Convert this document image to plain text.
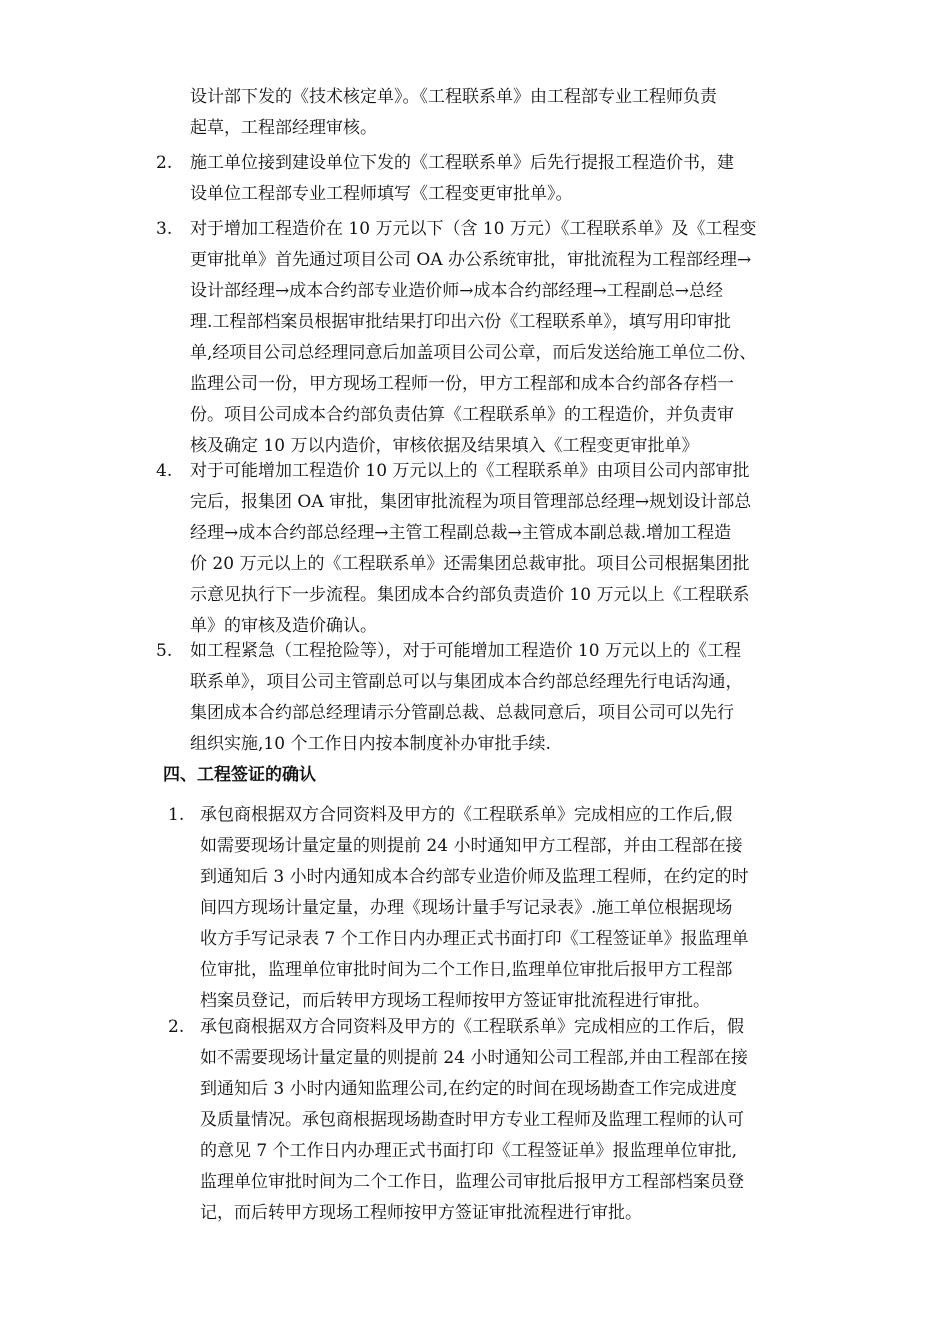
设计部下发的《技术核定单》。《工程联系单》由工程部专业工程师负责
起草，工程部经理审核。
2. 施工单位接到建设单位下发的《工程联系单》后先行提报工程造价书，建
设单位工程部专业工程师填写《工程变更审批单》。
3. 对于增加工程造价在 10 万元以下（含 10 万元）《工程联系单》及《工程变
更审批单》首先通过项目公司 OA 办公系统审批，审批流程为工程部经理→
设计部经理→成本合约部专业造价师→成本合约部经理→工程副总→总经
理.工程部档案员根据审批结果打印出六份《工程联系单》，填写用印审批
单,经项目公司总经理同意后加盖项目公司公章，而后发送给施工单位二份、
监理公司一份，甲方现场工程师一份，甲方工程部和成本合约部各存档一
份。项目公司成本合约部负责估算《工程联系单》的工程造价，并负责审
核及确定 10 万以内造价，审核依据及结果填入《工程变更审批单》
4. 对于可能增加工程造价 10 万元以上的《工程联系单》由项目公司内部审批
完后，报集团 OA 审批，集团审批流程为项目管理部总经理→规划设计部总
经理→成本合约部总经理→主管工程副总裁→主管成本副总裁.增加工程造
价 20 万元以上的《工程联系单》还需集团总裁审批。项目公司根据集团批
示意见执行下一步流程。集团成本合约部负责造价 10 万元以上《工程联系
单》的审核及造价确认。
5. 如工程紧急（工程抢险等），对于可能增加工程造价 10 万元以上的《工程
联系单》，项目公司主管副总可以与集团成本合约部总经理先行电话沟通，
集团成本合约部总经理请示分管副总裁、总裁同意后，项目公司可以先行
组织实施,10 个工作日内按本制度补办审批手续.
四、工程签证的确认
1. 承包商根据双方合同资料及甲方的《工程联系单》完成相应的工作后,假
如需要现场计量定量的则提前 24 小时通知甲方工程部，并由工程部在接
到通知后 3 小时内通知成本合约部专业造价师及监理工程师，在约定的时
间四方现场计量定量，办理《现场计量手写记录表》.施工单位根据现场
收方手写记录表 7 个工作日内办理正式书面打印《工程签证单》报监理单
位审批，监理单位审批时间为二个工作日,监理单位审批后报甲方工程部
档案员登记，而后转甲方现场工程师按甲方签证审批流程进行审批。
2. 承包商根据双方合同资料及甲方的《工程联系单》完成相应的工作后，假
如不需要现场计量定量的则提前 24 小时通知公司工程部,并由工程部在接
到通知后 3 小时内通知监理公司,在约定的时间在现场勘查工作完成进度
及质量情况。承包商根据现场勘查时甲方专业工程师及监理工程师的认可
的意见 7 个工作日内办理正式书面打印《工程签证单》报监理单位审批,
监理单位审批时间为二个工作日，监理公司审批后报甲方工程部档案员登
记，而后转甲方现场工程师按甲方签证审批流程进行审批。
